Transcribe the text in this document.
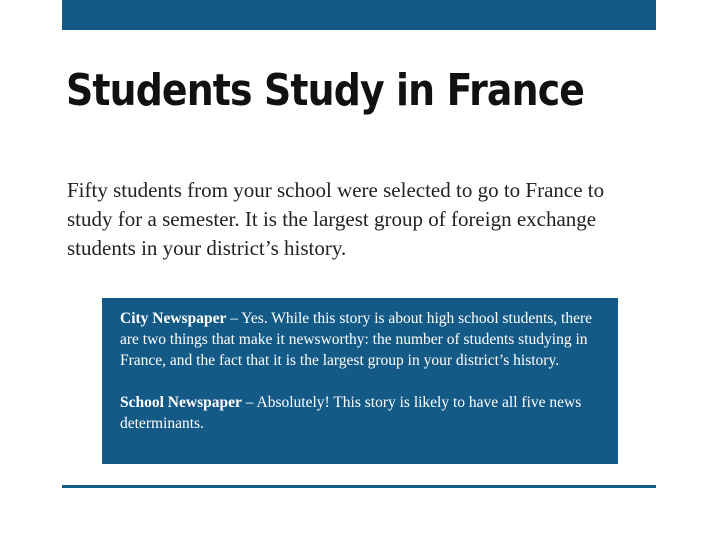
Students Study in France

Fifty students from your school were selected to go to France to study for a semester. It is the largest group of foreign exchange students in your district’s history.

City Newspaper – Yes. While this story is about high school students, there are two things that make it newsworthy: the number of students studying in France, and the fact that it is the largest group in your district’s history.

School Newspaper – Absolutely! This story is likely to have all five news determinants.
